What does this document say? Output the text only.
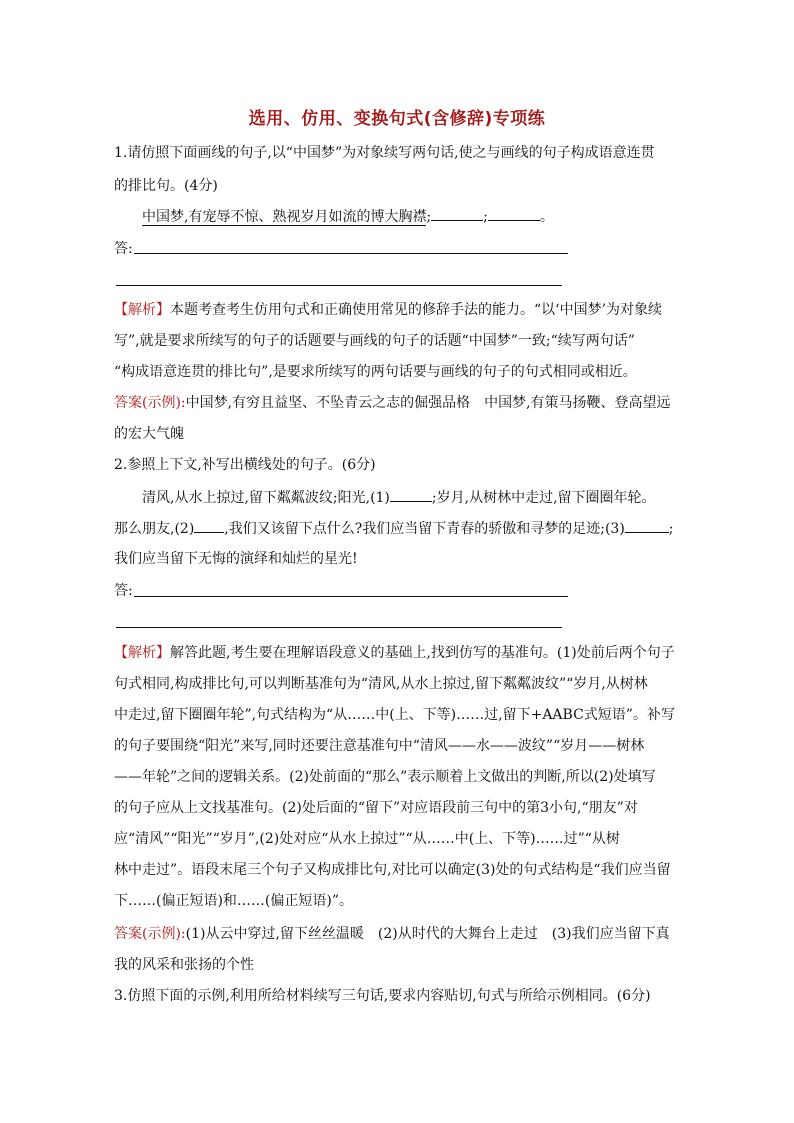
选用、仿用、变换句式(含修辞)专项练
1.请仿照下面画线的句子,以“中国梦”为对象续写两句话,使之与画线的句子构成语意连贯
的排比句。(4分)
中国梦,有宠辱不惊、熟视岁月如流的博大胸襟;	;	。
答:
【解析】本题考查考生仿用句式和正确使用常见的修辞手法的能力。“以‘中国梦’为对象续
写”,就是要求所续写的句子的话题要与画线的句子的话题“中国梦”一致;“续写两句话”
“构成语意连贯的排比句”,是要求所续写的两句话要与画线的句子的句式相同或相近。
答案(示例):中国梦,有穷且益坚、不坠青云之志的倔强品格　中国梦,有策马扬鞭、登高望远
的宏大气魄
2.参照上下文,补写出横线处的句子。(6分)
清风,从水上掠过,留下粼粼波纹;阳光,(1)	;岁月,从树林中走过,留下圈圈年轮。
那么朋友,(2) ,我们又该留下点什么?我们应当留下青春的骄傲和寻梦的足迹;(3)	;
我们应当留下无悔的演绎和灿烂的星光!
答:
【解析】解答此题,考生要在理解语段意义的基础上,找到仿写的基准句。(1)处前后两个句子
句式相同,构成排比句,可以判断基准句为“清风,从水上掠过,留下粼粼波纹”“岁月,从树林
中走过,留下圈圈年轮”,句式结构为“从……中(上、下等)……过,留下+AABC式短语”。补写
的句子要围绕“阳光”来写,同时还要注意基准句中“清风——水——波纹”“岁月——树林
——年轮”之间的逻辑关系。(2)处前面的“那么”表示顺着上文做出的判断,所以(2)处填写
的句子应从上文找基准句。(2)处后面的“留下”对应语段前三句中的第3小句,“朋友”对
应“清风”“阳光”“岁月”,(2)处对应“从水上掠过”“从……中(上、下等)……过”“从树
林中走过”。语段末尾三个句子又构成排比句,对比可以确定(3)处的句式结构是“我们应当留
下……(偏正短语)和……(偏正短语)”。
答案(示例):(1)从云中穿过,留下丝丝温暖　(2)从时代的大舞台上走过　(3)我们应当留下真
我的风采和张扬的个性
3.仿照下面的示例,利用所给材料续写三句话,要求内容贴切,句式与所给示例相同。(6分)
